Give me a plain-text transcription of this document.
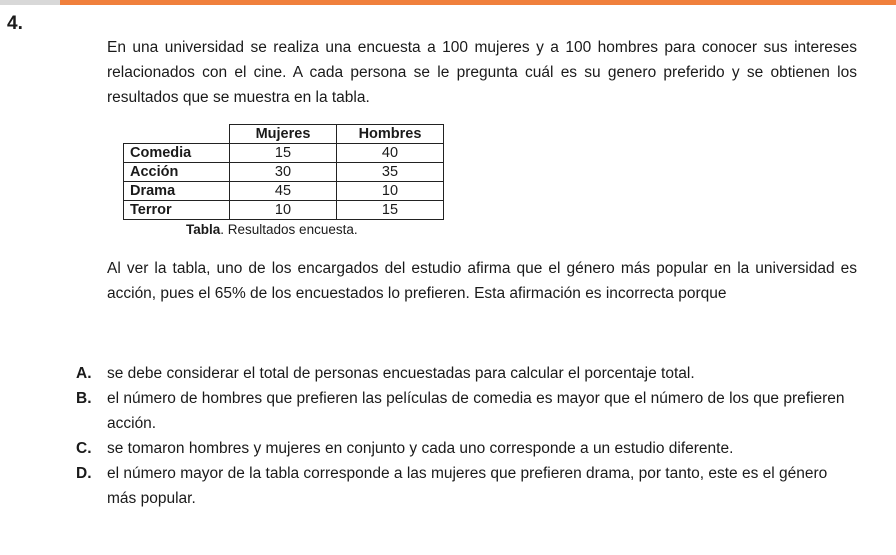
4.
En una universidad se realiza una encuesta a 100 mujeres y a 100 hombres para conocer sus intereses relacionados con el cine. A cada persona se le pregunta cuál es su genero preferido y se obtienen los resultados que se muestra en la tabla.
	Mujeres	Hombres
Comedia	15	40
Acción	30	35
Drama	45	10
Terror	10	15
Tabla. Resultados encuesta.
Al ver la tabla, uno de los encargados del estudio afirma que el género más popular en la universidad es acción, pues el 65% de los encuestados lo prefieren. Esta afirmación es incorrecta porque
A. se debe considerar el total de personas encuestadas para calcular el porcentaje total.
B. el número de hombres que prefieren las películas de comedia es mayor que el número de los que prefieren acción.
C. se tomaron hombres y mujeres en conjunto y cada uno corresponde a un estudio diferente.
D. el número mayor de la tabla corresponde a las mujeres que prefieren drama, por tanto, este es el género más popular.
